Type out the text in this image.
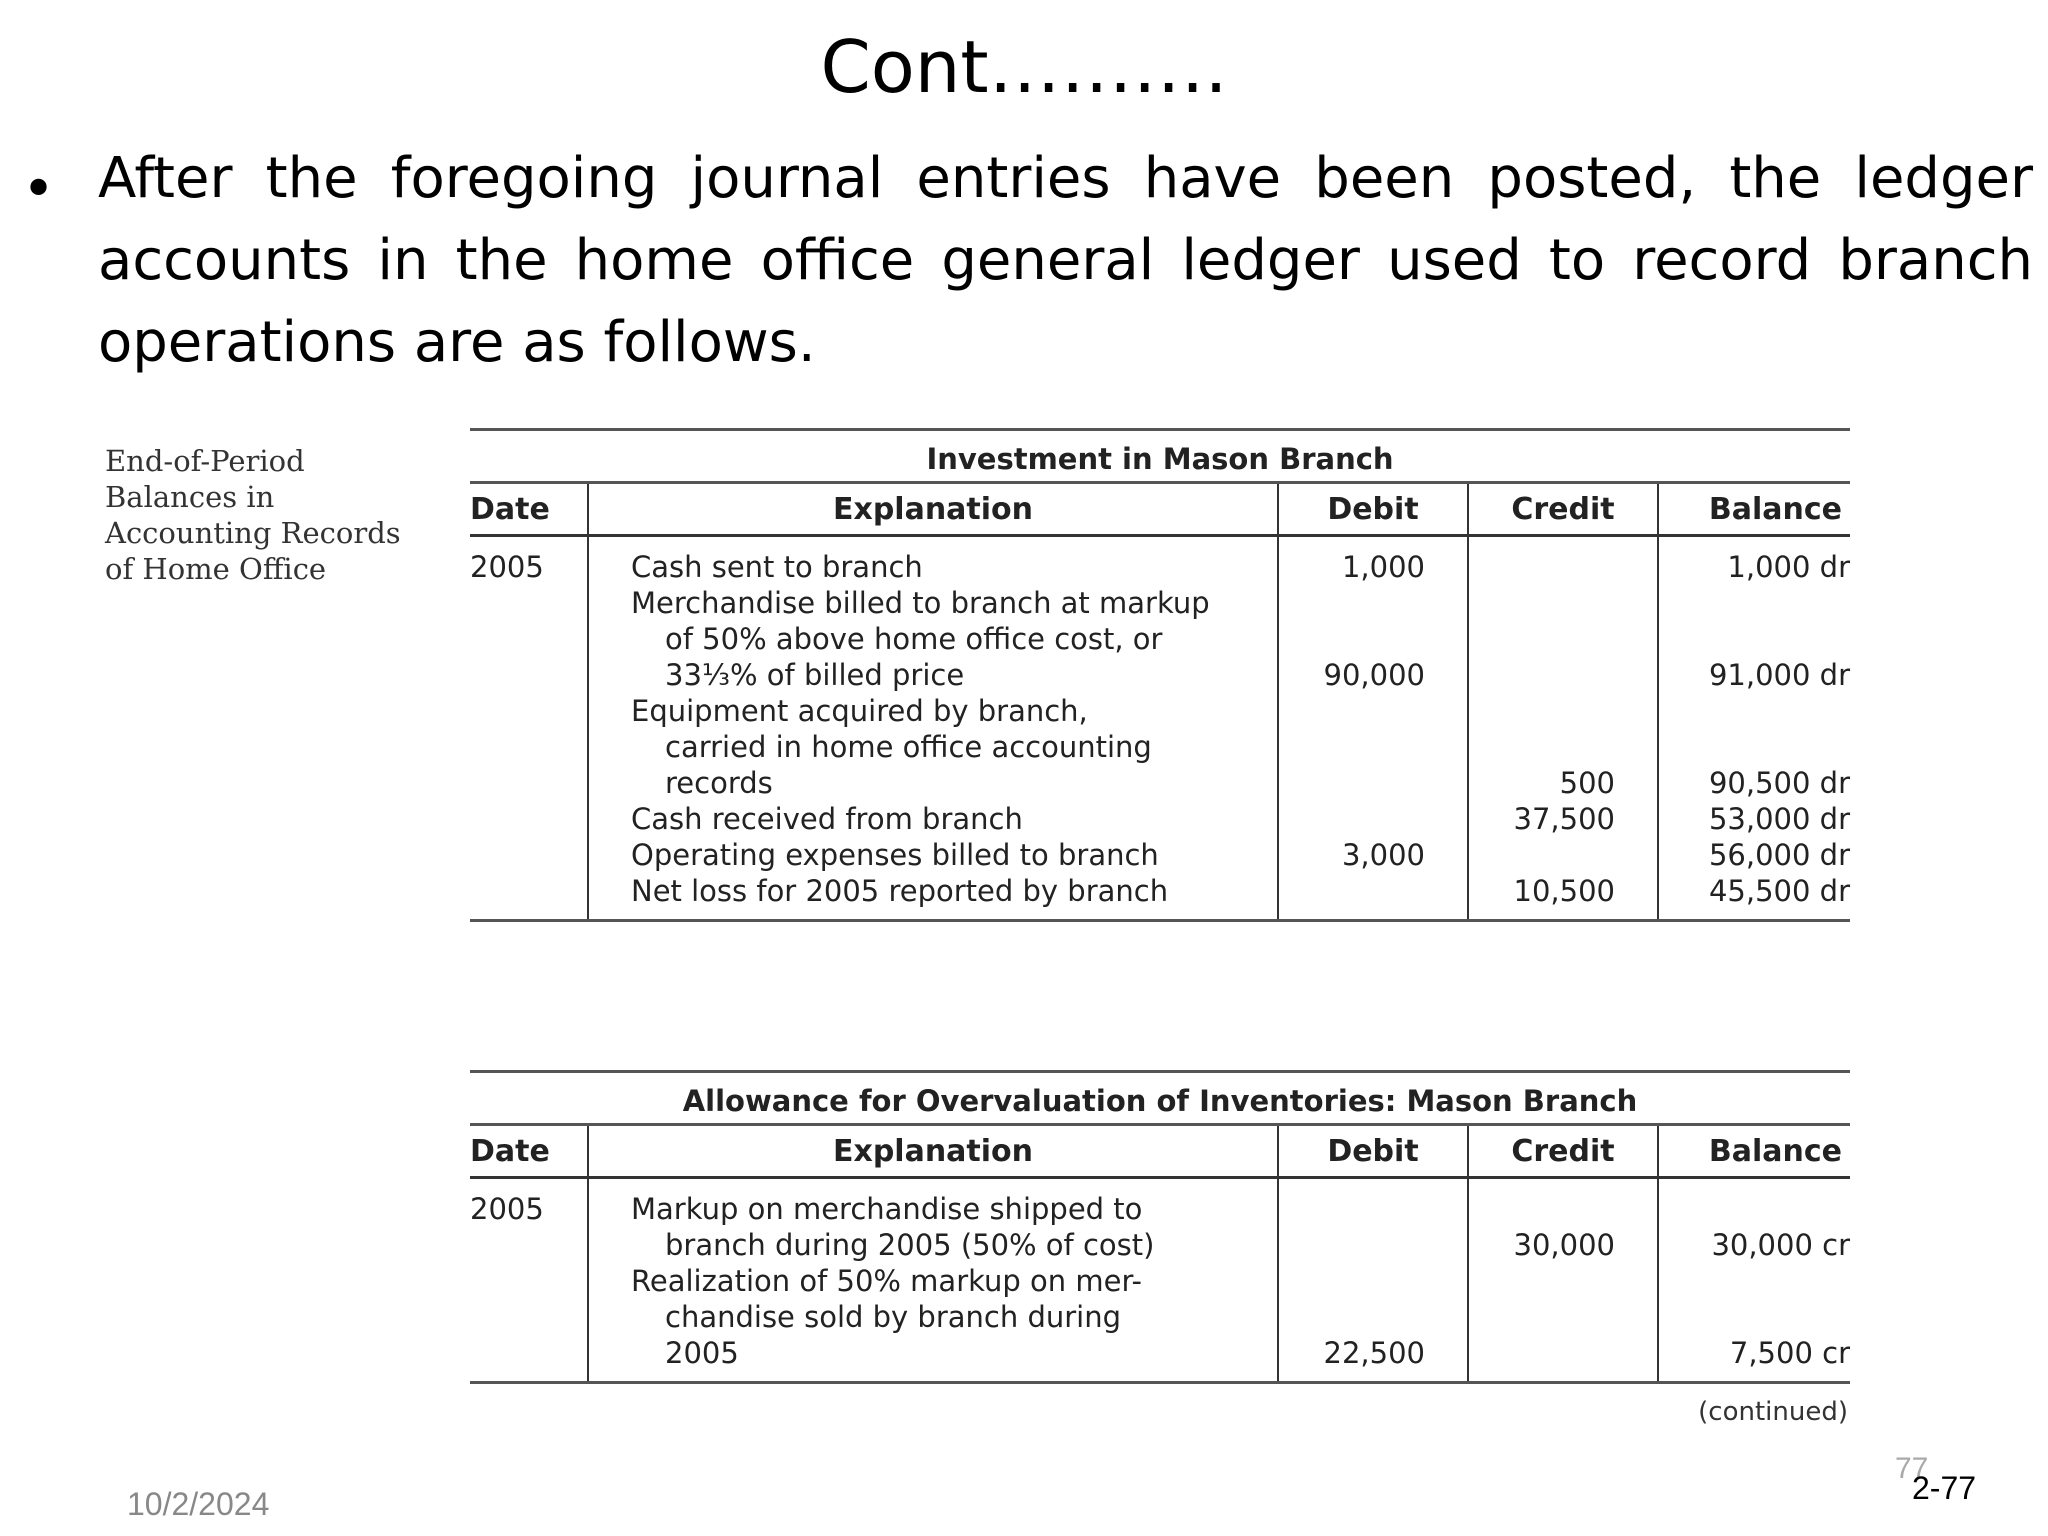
Cont……….
• After the foregoing journal entries have been posted, the ledger accounts in the home office general ledger used to record branch operations are as follows.
End-of-Period Balances in Accounting Records of Home Office
Investment in Mason Branch
Date	Explanation	Debit	Credit	Balance

2005	Cash sent to branch	1,000		1,000 dr

	Merchandise billed to branch at markup
of 50% above home office cost, or
33⅓% of billed price	90,000		91,000 dr

	Equipment acquired by branch,
carried in home office accounting
records		500	90,500 dr

	Cash received from branch		37,500	53,000 dr

	Operating expenses billed to branch	3,000		56,000 dr

	Net loss for 2005 reported by branch		10,500	45,500 dr
Allowance for Overvaluation of Inventories: Mason Branch
Date	Explanation	Debit	Credit	Balance

2005	Markup on merchandise shipped to
branch during 2005 (50% of cost)		30,000	30,000 cr

	Realization of 50% markup on mer-
chandise sold by branch during
2005	22,500		7,500 cr
(continued)
10/2/2024
77
2-77
